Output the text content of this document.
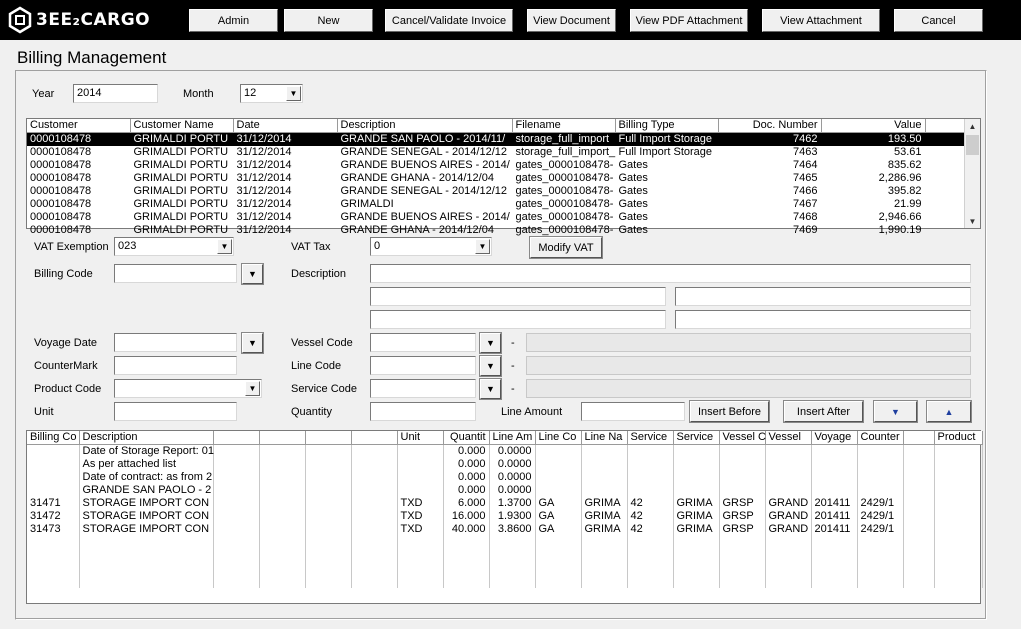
3EE₂CARGO	Admin	New	Cancel/Validate Invoice	View Document	View PDF Attachment	View Attachment	Cancel
Billing Management
Year	2014	Month	12	▼
Customer	Customer Name	Date	Description	Filename	Billing Type	Doc. Number	Value	
0000108478	GRIMALDI PORTU	31/12/2014	GRANDE SAN PAOLO - 2014/11/	storage_full_import	Full Import Storage	7462	193.50	
0000108478	GRIMALDI PORTU	31/12/2014	GRANDE SENEGAL - 2014/12/12	storage_full_import_	Full Import Storage	7463	53.61	
0000108478	GRIMALDI PORTU	31/12/2014	GRANDE BUENOS AIRES - 2014/	gates_0000108478-	Gates	7464	835.62	
0000108478	GRIMALDI PORTU	31/12/2014	GRANDE GHANA - 2014/12/04	gates_0000108478-	Gates	7465	2,286.96	
0000108478	GRIMALDI PORTU	31/12/2014	GRANDE SENEGAL - 2014/12/12	gates_0000108478-	Gates	7466	395.82	
0000108478	GRIMALDI PORTU	31/12/2014	GRIMALDI	gates_0000108478-	Gates	7467	21.99	
0000108478	GRIMALDI PORTU	31/12/2014	GRANDE BUENOS AIRES - 2014/	gates_0000108478-	Gates	7468	2,946.66	
0000108478	GRIMALDI PORTU	31/12/2014	GRANDE GHANA - 2014/12/04	gates_0000108478-	Gates	7469	1,990.19	
▲
▼
VAT Exemption 023	▼	VAT Tax	0	▼	Modify VAT
Billing Code	▼	Description
Voyage Date	▼	Vessel Code	▼ -
CounterMark	Line Code	▼ -
Product Code	▼	Service Code	▼ -
Unit	Quantity	Line Amount	Insert Before	Insert After	▼	▲
Billing Co	Description					Unit	Quantit	Line Am	Line Co	Line Na	Service	Service	Vessel C	Vessel	Voyage	Counter		Product
	Date of Storage Report: 01						0.000	0.0000										
	As per attached list						0.000	0.0000										
	Date of contract: as from 2						0.000	0.0000										
	GRANDE SAN PAOLO - 2						0.000	0.0000										
31471	STORAGE IMPORT CON					TXD	6.000	1.3700	GA	GRIMA	42	GRIMA	GRSP	GRAND	201411	2429/1		
31472	STORAGE IMPORT CON					TXD	16.000	1.9300	GA	GRIMA	42	GRIMA	GRSP	GRAND	201411	2429/1		
31473	STORAGE IMPORT CON					TXD	40.000	3.8600	GA	GRIMA	42	GRIMA	GRSP	GRAND	201411	2429/1		
